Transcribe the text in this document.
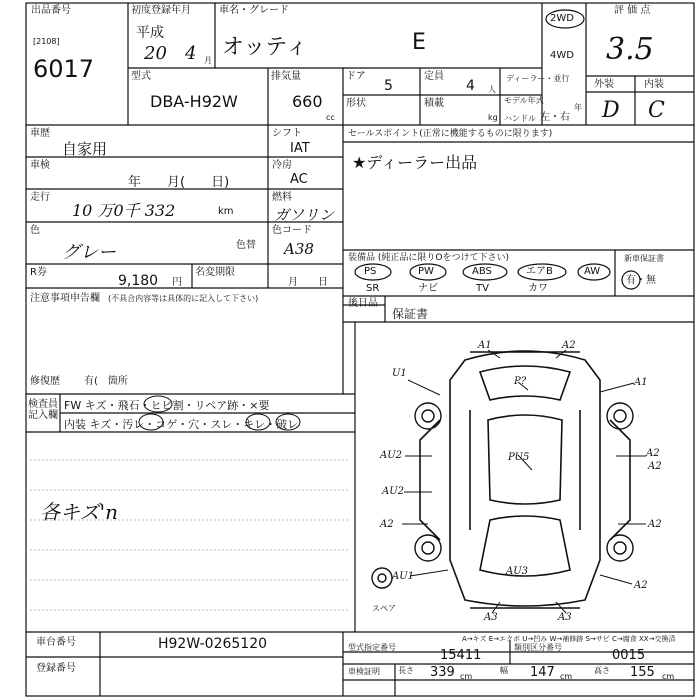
出品番号
[2108]
6017
初度登録年月
平成
20 4 月
車名・グレード
オッティ	E
2WD
4WD
評 価 点
3.5
外装	内装
D C
型式
DBA-H92W
排気量
660
cc
ドア
5
定員
4 人
ディーラー・並行
形状	積載
kg
モデル年式
年
ハンドル 左・右
車歴
自家用
車検
年　　月(　　日)
走行
10 万0千 332	km
色
グレー	色替
R券
9,180 円
注意事項申告欄 (不具合内容等は具体的に記入して下さい)
修復歴 有(　箇所
検査員記入欄
FW キズ・飛石・ヒビ割・リペア跡・×要
内装 キズ・汚レ・コゲ・穴・スレ・キレ・破レ
各キズ'n
シフト
IAT
冷房
AC
燃料
ガソリン
色コード
A38
名変期限
月　　日
セールスポイント(正常に機能するものに限ります)
★ディーラー出品
装備品 (純正品に限りΟをつけて下さい)
PS	PW	ABS	エアB	AW
SR	ナビ	TV	カワ
新車保証書
有・無
後日品
保証書
A1	A2
U1
P?	A1
AU2	A2
A2
AU2
PU5
A2	A2
AU1	AU3
A2
A3	A3
スペア
A→キズ E→エクボ U→凹み W→補修跡 S→サビ C→腐食 XX→交換済
車台番号	H92W-0265120
登録番号
型式指定番号
15411
類別区分番号
0015
車検証明 長さ 339 cm
幅 147 cm
高さ 155 cm
